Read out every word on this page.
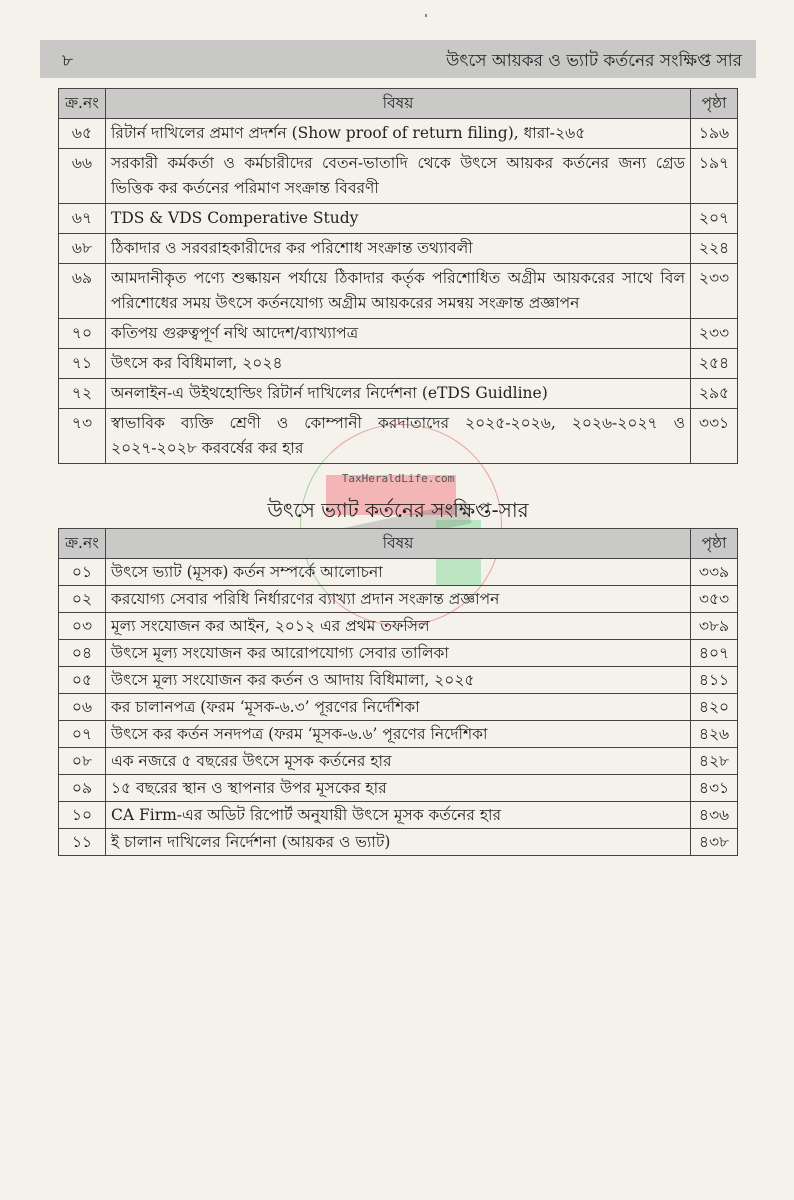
৮	উৎসে আয়কর ও ভ্যাট কর্তনের সংক্ষিপ্ত সার
ক্র.নং	বিষয়	পৃষ্ঠা
৬৫	রিটার্ন দাখিলের প্রমাণ প্রদর্শন (Show proof of return filing), ধারা-২৬৫	১৯৬
৬৬	সরকারী কর্মকর্তা ও কর্মচারীদের বেতন-ভাতাদি থেকে উৎসে আয়কর কর্তনের জন্য গ্রেড ভিত্তিক কর কর্তনের পরিমাণ সংক্রান্ত বিবরণী	১৯৭
৬৭	TDS & VDS Comperative Study	২০৭
৬৮	ঠিকাদার ও সরবরাহকারীদের কর পরিশোধ সংক্রান্ত তথ্যাবলী	২২৪
৬৯	আমদানীকৃত পণ্যে শুল্কায়ন পর্যায়ে ঠিকাদার কর্তৃক পরিশোধিত অগ্রীম আয়করের সাথে বিল পরিশোধের সময় উৎসে কর্তনযোগ্য অগ্রীম আয়করের সমন্বয় সংক্রান্ত প্রজ্ঞাপন	২৩৩
৭০	কতিপয় গুরুত্বপূর্ণ নথি আদেশ/ব্যাখ্যাপত্র	২৩৩
৭১	উৎসে কর বিধিমালা, ২০২৪	২৫৪
৭২	অনলাইন-এ উইথহোল্ডিং রিটার্ন দাখিলের নির্দেশনা (eTDS Guidline)	২৯৫
৭৩	স্বাভাবিক ব্যক্তি শ্রেণী ও কোম্পানী করদাতাদের ২০২৫-২০২৬, ২০২৬-২০২৭ ও ২০২৭-২০২৮ করবর্ষের কর হার	৩৩১
TaxHeraldLife.com
উৎসে ভ্যাট কর্তনের সংক্ষিপ্ত-সার
ক্র.নং	বিষয়	পৃষ্ঠা
০১	উৎসে ভ্যাট (মূসক) কর্তন সম্পর্কে আলোচনা	৩৩৯
০২	করযোগ্য সেবার পরিধি নির্ধারণের ব্যাখ্যা প্রদান সংক্রান্ত প্রজ্ঞাপন	৩৫৩
০৩	মূল্য সংযোজন কর আইন, ২০১২ এর প্রথম তফসিল	৩৮৯
০৪	উৎসে মূল্য সংযোজন কর আরোপযোগ্য সেবার তালিকা	৪০৭
০৫	উৎসে মূল্য সংযোজন কর কর্তন ও আদায় বিধিমালা, ২০২৫	৪১১
০৬	কর চালানপত্র (ফরম ‘মূসক-৬.৩’ পূরণের নির্দেশিকা	৪২০
০৭	উৎসে কর কর্তন সনদপত্র (ফরম ‘মূসক-৬.৬’ পূরণের নির্দেশিকা	৪২৬
০৮	এক নজরে ৫ বছরের উৎসে মূসক কর্তনের হার	৪২৮
০৯	১৫ বছরের স্থান ও স্থাপনার উপর মূসকের হার	৪৩১
১০	CA Firm-এর অডিট রিপোর্ট অনুযায়ী উৎসে মূসক কর্তনের হার	৪৩৬
১১	ই চালান দাখিলের নির্দেশনা (আয়কর ও ভ্যাট)	৪৩৮
